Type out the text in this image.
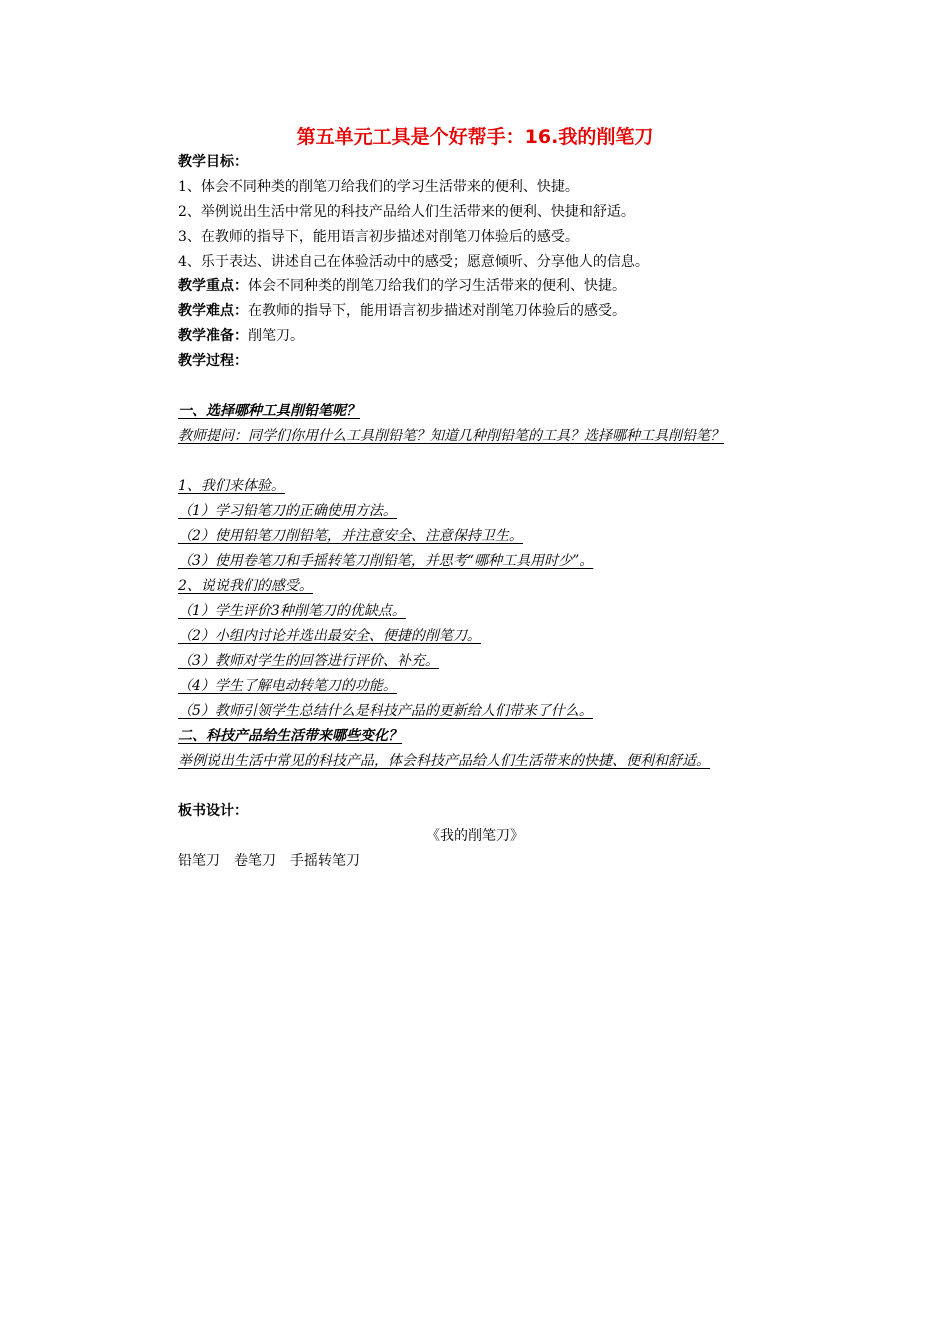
第五单元工具是个好帮手：16.我的削笔刀
教学目标：
1、体会不同种类的削笔刀给我们的学习生活带来的便利、快捷。
2、举例说出生活中常见的科技产品给人们生活带来的便利、快捷和舒适。
3、在教师的指导下，能用语言初步描述对削笔刀体验后的感受。
4、乐于表达、讲述自己在体验活动中的感受；愿意倾听、分享他人的信息。
教学重点：体会不同种类的削笔刀给我们的学习生活带来的便利、快捷。
教学难点：在教师的指导下，能用语言初步描述对削笔刀体验后的感受。
教学准备：削笔刀。
教学过程：
一、选择哪种工具削铅笔呢？
教师提问：同学们你用什么工具削铅笔？知道几种削铅笔的工具？选择哪种工具削铅笔？
1、我们来体验。
（1）学习铅笔刀的正确使用方法。
（2）使用铅笔刀削铅笔，并注意安全、注意保持卫生。
（3）使用卷笔刀和手摇转笔刀削铅笔，并思考“哪种工具用时少”。
2、说说我们的感受。
（1）学生评价3种削笔刀的优缺点。
（2）小组内讨论并选出最安全、便捷的削笔刀。
（3）教师对学生的回答进行评价、补充。
（4）学生了解电动转笔刀的功能。
（5）教师引领学生总结什么是科技产品的更新给人们带来了什么。
二、科技产品给生活带来哪些变化？
举例说出生活中常见的科技产品，体会科技产品给人们生活带来的快捷、便利和舒适。
板书设计：
《我的削笔刀》
铅笔刀　卷笔刀　手摇转笔刀
